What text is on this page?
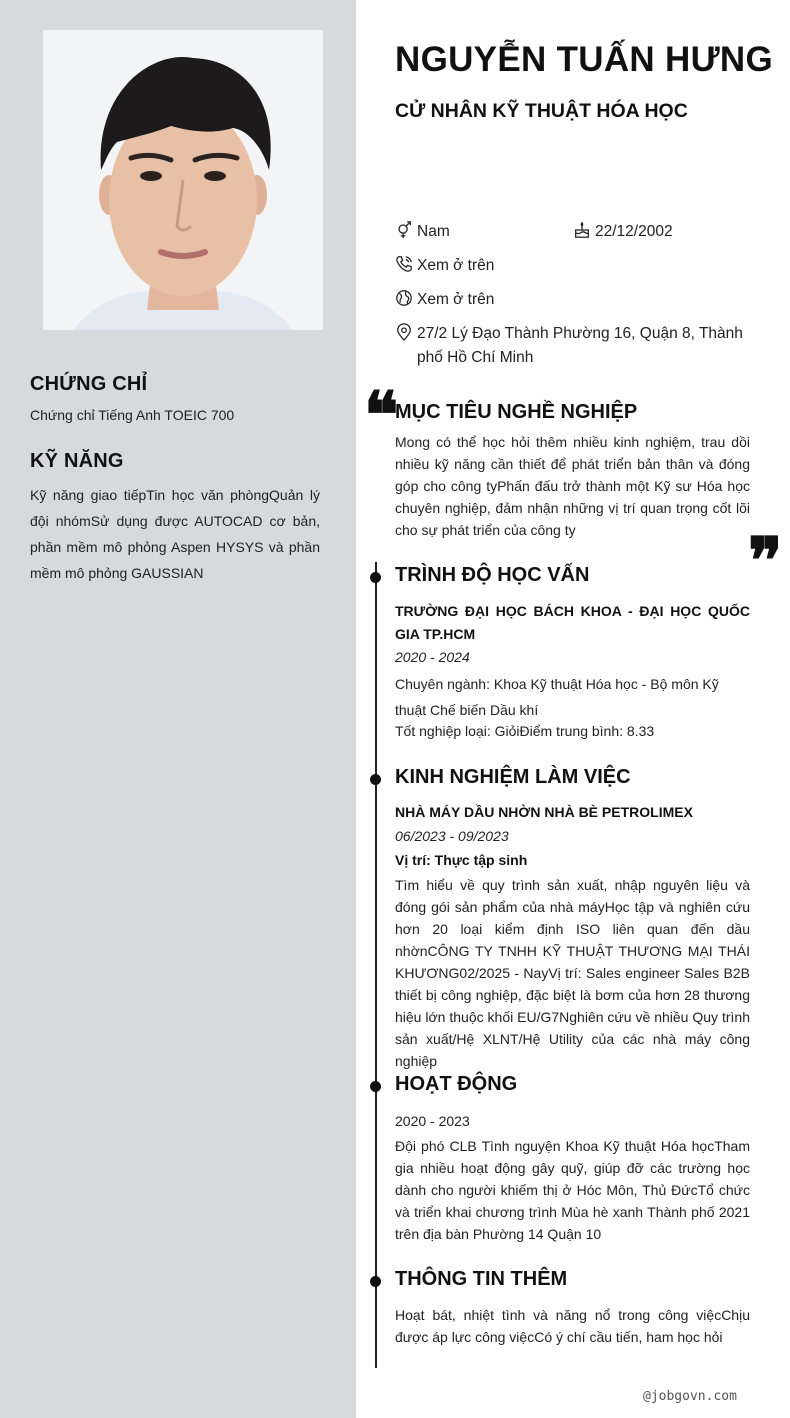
CHỨNG CHỈ
Chứng chỉ Tiếng Anh TOEIC 700
KỸ NĂNG
Kỹ năng giao tiếpTin học văn phòngQuản lý đội nhómSử dụng được AUTOCAD cơ bản, phần mềm mô phỏng Aspen HYSYS và phần mềm mô phỏng GAUSSIAN
NGUYỄN TUẤN HƯNG
CỬ NHÂN KỸ THUẬT HÓA HỌC
Nam	22/12/2002
Xem ở trên
Xem ở trên
27/2 Lý Đạo Thành Phường 16, Quận 8, Thành phố Hồ Chí Minh
❝
MỤC TIÊU NGHỀ NGHIỆP
Mong có thể học hỏi thêm nhiều kinh nghiệm, trau dồi nhiều kỹ năng cần thiết để phát triển bản thân và đóng góp cho công tyPhấn đấu trở thành một Kỹ sư Hóa học chuyên nghiệp, đảm nhận những vị trí quan trọng cốt lõi cho sự phát triển của công ty	❞
TRÌNH ĐỘ HỌC VẤN
TRƯỜNG ĐẠI HỌC BÁCH KHOA - ĐẠI HỌC QUỐC GIA TP.HCM
2020 - 2024
Chuyên ngành: Khoa Kỹ thuật Hóa học - Bộ môn Kỹ thuật Chế biến Dầu khí
Tốt nghiệp loại: GiỏiĐiểm trung bình: 8.33
KINH NGHIỆM LÀM VIỆC
NHÀ MÁY DẦU NHỜN NHÀ BÈ PETROLIMEX
06/2023 - 09/2023
Vị trí: Thực tập sinh
Tìm hiểu về quy trình sản xuất, nhập nguyên liệu và đóng gói sản phẩm của nhà máyHọc tập và nghiên cứu hơn 20 loại kiểm định ISO liên quan đến dầu nhờnCÔNG TY TNHH KỸ THUẬT THƯƠNG MẠI THÁI KHƯƠNG02/2025 - NayVị trí: Sales engineer Sales B2B thiết bị công nghiệp, đặc biệt là bơm của hơn 28 thương hiệu lớn thuộc khối EU/G7Nghiên cứu về nhiều Quy trình sản xuất/Hệ XLNT/Hệ Utility của các nhà máy công nghiệp
HOẠT ĐỘNG
2020 - 2023
Đội phó CLB Tình nguyện Khoa Kỹ thuật Hóa họcTham gia nhiều hoạt động gây quỹ, giúp đỡ các trường học dành cho người khiếm thị ở Hóc Môn, Thủ ĐứcTổ chức và triển khai chương trình Mùa hè xanh Thành phố 2021 trên địa bàn Phường 14 Quận 10
THÔNG TIN THÊM
Hoạt bát, nhiệt tình và năng nổ trong công việcChịu được áp lực công việcCó ý chí cầu tiến, ham học hỏi
@jobgovn.com
